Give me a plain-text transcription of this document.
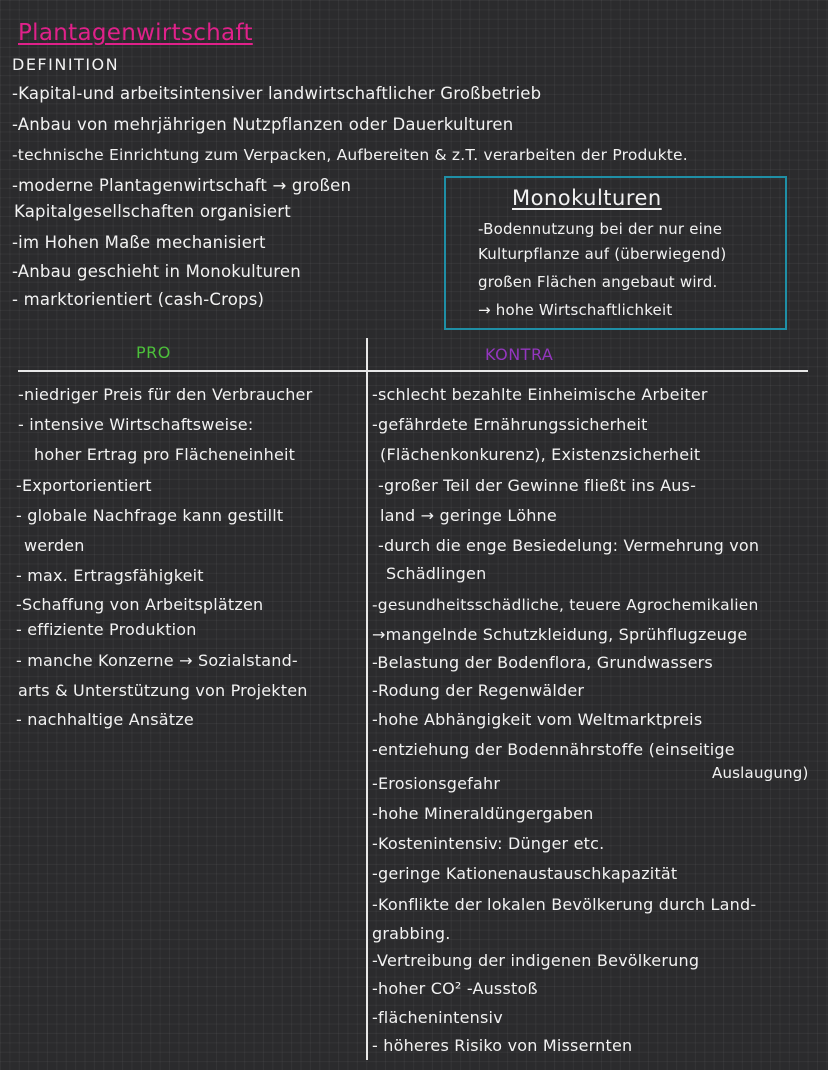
Plantagenwirtschaft
DEFINITION
-Kapital-und arbeitsintensiver landwirtschaftlicher Großbetrieb
-Anbau von mehrjährigen Nutzpflanzen oder Dauerkulturen
-technische Einrichtung zum Verpacken, Aufbereiten & z.T. verarbeiten der Produkte.
-moderne Plantagenwirtschaft → großen
Kapitalgesellschaften organisiert
-im Hohen Maße mechanisiert
-Anbau geschieht in Monokulturen
- marktorientiert (cash-Crops)
Monokulturen
-Bodennutzung bei der nur eine
Kulturpflanze auf (überwiegend)
großen Flächen angebaut wird.
→ hohe Wirtschaftlichkeit
PRO	KONTRA
-niedriger Preis für den Verbraucher
- intensive Wirtschaftsweise:
hoher Ertrag pro Flächeneinheit
-Exportorientiert
- globale Nachfrage kann gestillt
werden
- max. Ertragsfähigkeit
-Schaffung von Arbeitsplätzen
- effiziente Produktion
- manche Konzerne → Sozialstand-
arts & Unterstützung von Projekten
- nachhaltige Ansätze
-schlecht bezahlte Einheimische Arbeiter
-gefährdete Ernährungssicherheit
(Flächenkonkurenz), Existenzsicherheit
-großer Teil der Gewinne fließt ins Aus-
land → geringe Löhne
-durch die enge Besiedelung: Vermehrung von
Schädlingen
-gesundheitsschädliche, teuere Agrochemikalien
→mangelnde Schutzkleidung, Sprühflugzeuge
-Belastung der Bodenflora, Grundwassers
-Rodung der Regenwälder
-hohe Abhängigkeit vom Weltmarktpreis
-entziehung der Bodennährstoffe (einseitige
Auslaugung)
-Erosionsgefahr
-hohe Mineraldüngergaben
-Kostenintensiv: Dünger etc.
-geringe Kationenaustauschkapazität
-Konflikte der lokalen Bevölkerung durch Land-
grabbing.
-Vertreibung der indigenen Bevölkerung
-hoher CO² -Ausstoß
-flächenintensiv
- höheres Risiko von Missernten
